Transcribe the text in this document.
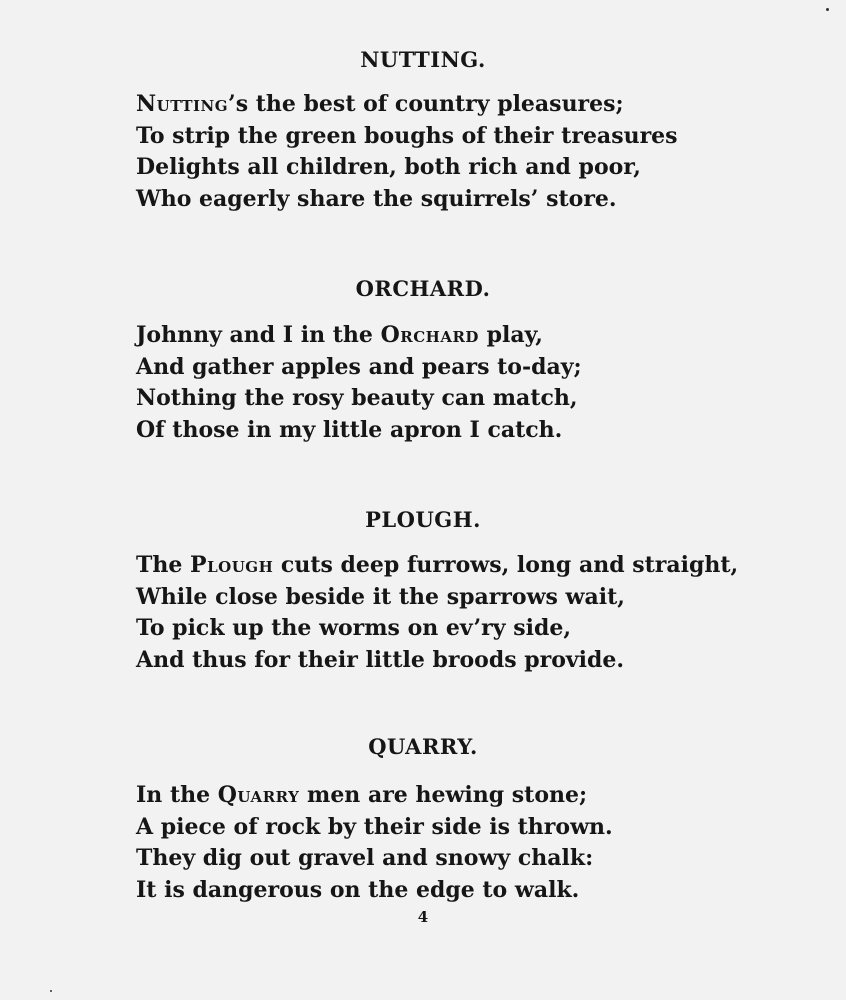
NUTTING.
Nutting’s the best of country pleasures;
To strip the green boughs of their treasures
Delights all children, both rich and poor,
Who eagerly share the squirrels’ store.
ORCHARD.
Johnny and I in the Orchard play,
And gather apples and pears to-day;
Nothing the rosy beauty can match,
Of those in my little apron I catch.
PLOUGH.
The Plough cuts deep furrows, long and straight,
While close beside it the sparrows wait,
To pick up the worms on ev’ry side,
And thus for their little broods provide.
QUARRY.
In the Quarry men are hewing stone;
A piece of rock by their side is thrown.
They dig out gravel and snowy chalk:
It is dangerous on the edge to walk.
4
